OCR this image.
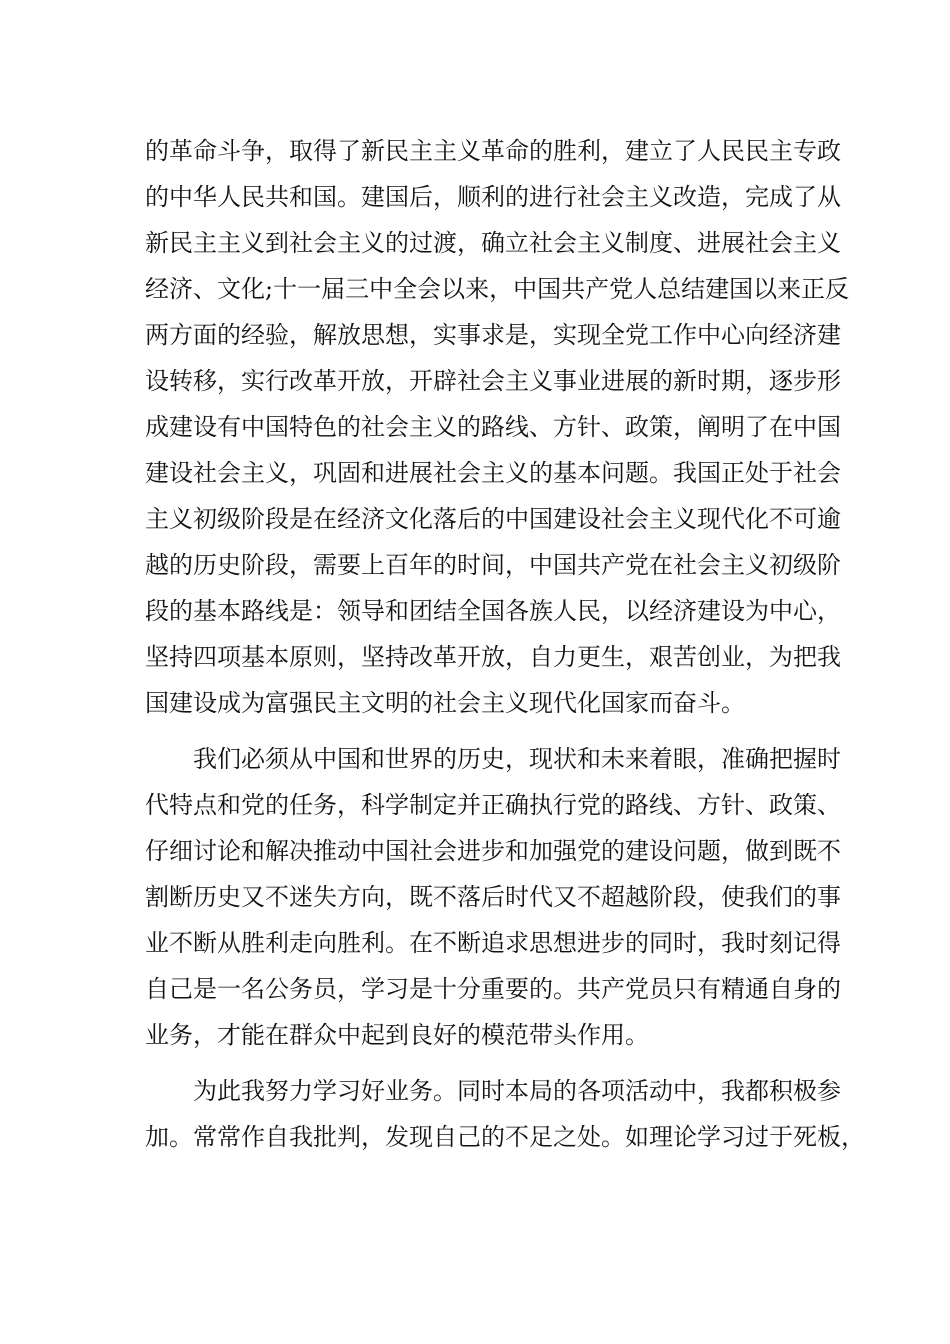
的革命斗争，取得了新民主主义革命的胜利，建立了人民民主专政
的中华人民共和国。建国后，顺利的进行社会主义改造，完成了从
新民主主义到社会主义的过渡，确立社会主义制度、进展社会主义
经济、文化;十一届三中全会以来，中国共产党人总结建国以来正反
两方面的经验，解放思想，实事求是，实现全党工作中心向经济建
设转移，实行改革开放，开辟社会主义事业进展的新时期，逐步形
成建设有中国特色的社会主义的路线、方针、政策，阐明了在中国
建设社会主义，巩固和进展社会主义的基本问题。我国正处于社会
主义初级阶段是在经济文化落后的中国建设社会主义现代化不可逾
越的历史阶段，需要上百年的时间，中国共产党在社会主义初级阶
段的基本路线是：领导和团结全国各族人民，以经济建设为中心，
坚持四项基本原则，坚持改革开放，自力更生，艰苦创业，为把我
国建设成为富强民主文明的社会主义现代化国家而奋斗。
我们必须从中国和世界的历史，现状和未来着眼，准确把握时
代特点和党的任务，科学制定并正确执行党的路线、方针、政策、
仔细讨论和解决推动中国社会进步和加强党的建设问题，做到既不
割断历史又不迷失方向，既不落后时代又不超越阶段，使我们的事
业不断从胜利走向胜利。在不断追求思想进步的同时，我时刻记得
自己是一名公务员，学习是十分重要的。共产党员只有精通自身的
业务，才能在群众中起到良好的模范带头作用。
为此我努力学习好业务。同时本局的各项活动中，我都积极参
加。常常作自我批判，发现自己的不足之处。如理论学习过于死板，
